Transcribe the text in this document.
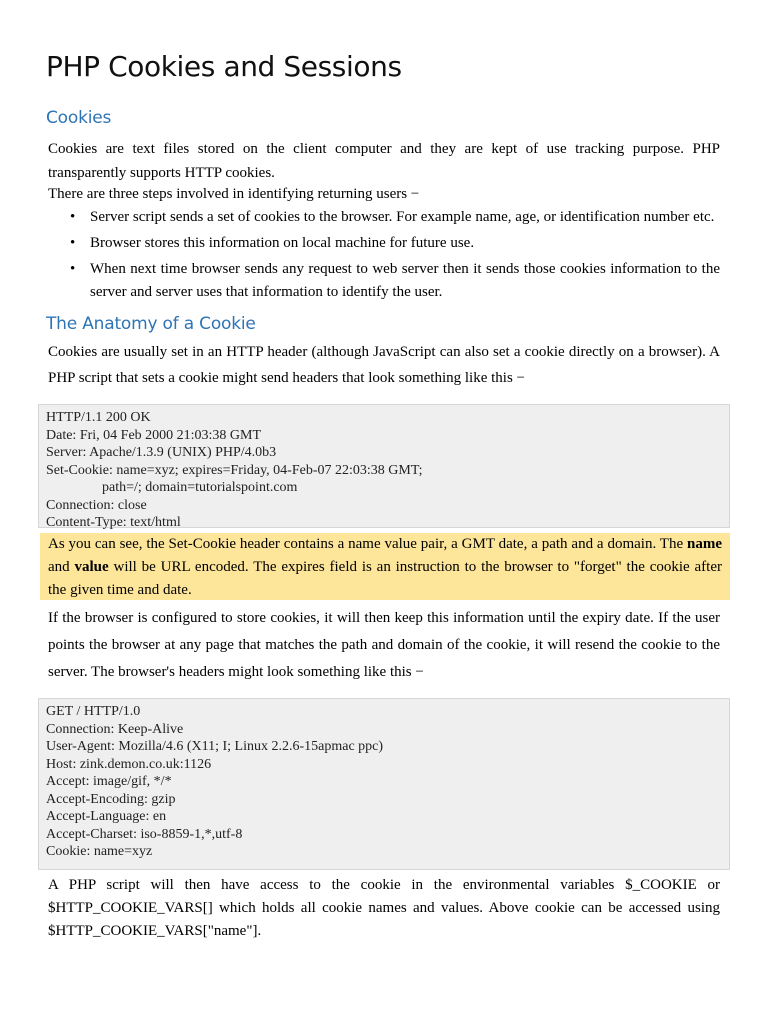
PHP Cookies and Sessions
Cookies

Cookies are text files stored on the client computer and they are kept of use tracking purpose. PHP transparently supports HTTP cookies.

There are three steps involved in identifying returning users −

• Server script sends a set of cookies to the browser. For example name, age, or identification number etc.
• Browser stores this information on local machine for future use.
• When next time browser sends any request to web server then it sends those cookies information to the server and server uses that information to identify the user.
The Anatomy of a Cookie

Cookies are usually set in an HTTP header (although JavaScript can also set a cookie directly on a browser). A PHP script that sets a cookie might send headers that look something like this −

HTTP/1.1 200 OK
Date: Fri, 04 Feb 2000 21:03:38 GMT
Server: Apache/1.3.9 (UNIX) PHP/4.0b3
Set-Cookie: name=xyz; expires=Friday, 04-Feb-07 22:03:38 GMT;
path=/; domain=tutorialspoint.com
Connection: close
Content-Type: text/html
As you can see, the Set-Cookie header contains a name value pair, a GMT date, a path and a domain. The name and value will be URL encoded. The expires field is an instruction to the browser to "forget" the cookie after the given time and date.

If the browser is configured to store cookies, it will then keep this information until the expiry date. If the user points the browser at any page that matches the path and domain of the cookie, it will resend the cookie to the server. The browser's headers might look something like this −

GET / HTTP/1.0
Connection: Keep-Alive
User-Agent: Mozilla/4.6 (X11; I; Linux 2.2.6-15apmac ppc)
Host: zink.demon.co.uk:1126
Accept: image/gif, */*
Accept-Encoding: gzip
Accept-Language: en
Accept-Charset: iso-8859-1,*,utf-8
Cookie: name=xyz

A PHP script will then have access to the cookie in the environmental variables $_COOKIE or $HTTP_COOKIE_VARS[] which holds all cookie names and values. Above cookie can be accessed using $HTTP_COOKIE_VARS["name"].
